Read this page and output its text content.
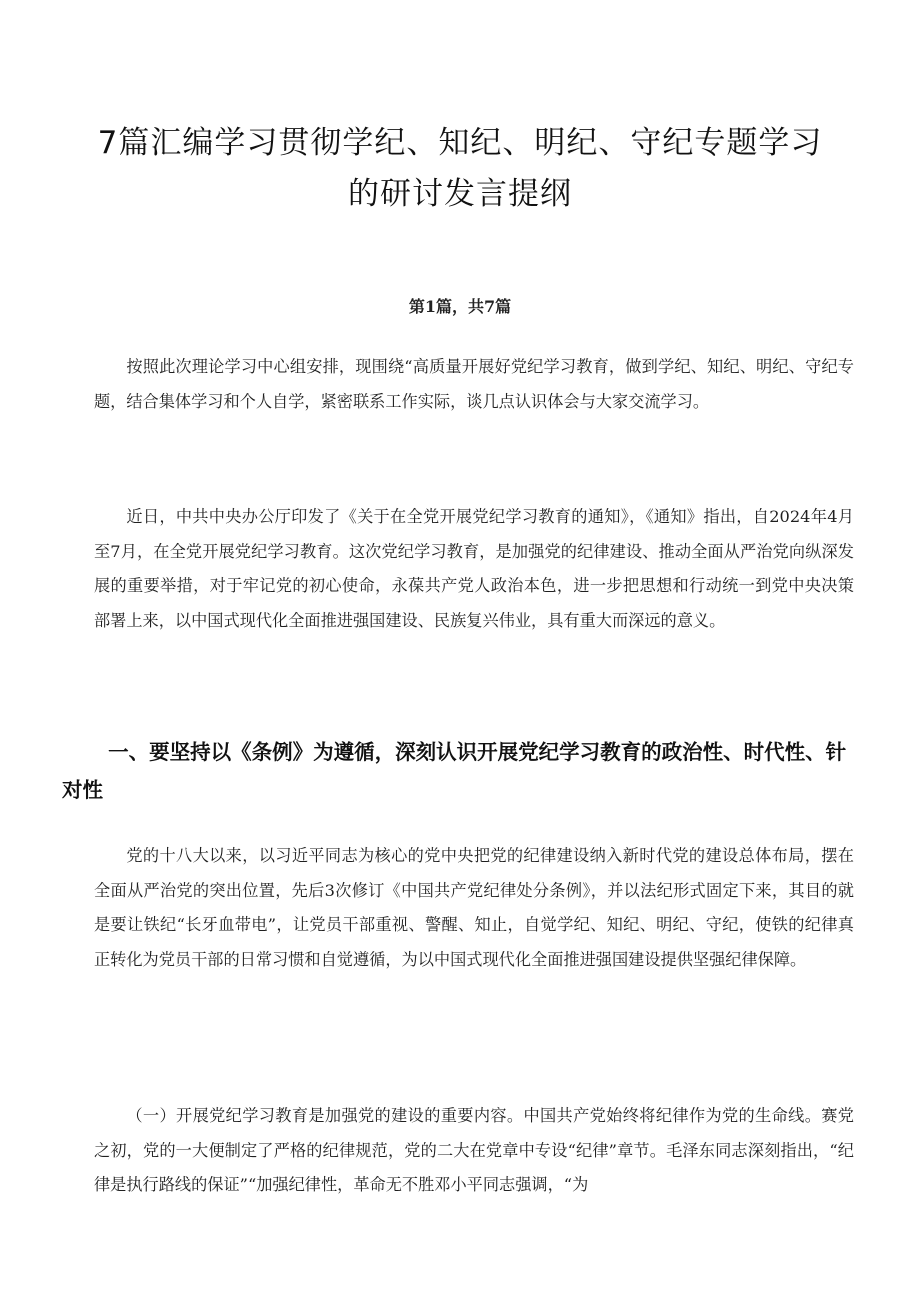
7篇汇编学习贯彻学纪、知纪、明纪、守纪专题学习
的研讨发言提纲
第1篇，共7篇

按照此次理论学习中心组安排，现围绕“高质量开展好党纪学习教育，做到学纪、知纪、明纪、守纪专题，结合集体学习和个人自学，紧密联系工作实际，谈几点认识体会与大家交流学习。

近日，中共中央办公厅印发了《关于在全党开展党纪学习教育的通知》，《通知》指出，自2024年4月至7月，在全党开展党纪学习教育。这次党纪学习教育，是加强党的纪律建设、推动全面从严治党向纵深发展的重要举措，对于牢记党的初心使命，永葆共产党人政治本色，进一步把思想和行动统一到党中央决策部署上来，以中国式现代化全面推进强国建设、民族复兴伟业，具有重大而深远的意义。

一、要坚持以《条例》为遵循，深刻认识开展党纪学习教育的政治性、时代性、针对性

党的十八大以来，以习近平同志为核心的党中央把党的纪律建设纳入新时代党的建设总体布局，摆在全面从严治党的突出位置，先后3次修订《中国共产党纪律处分条例》，并以法纪形式固定下来，其目的就是要让铁纪“长牙血带电”，让党员干部重视、警醒、知止，自觉学纪、知纪、明纪、守纪，使铁的纪律真正转化为党员干部的日常习惯和自觉遵循，为以中国式现代化全面推进强国建设提供坚强纪律保障。

（一）开展党纪学习教育是加强党的建设的重要内容。中国共产党始终将纪律作为党的生命线。赛党之初，党的一大便制定了严格的纪律规范，党的二大在党章中专设“纪律”章节。毛泽东同志深刻指出，“纪律是执行路线的保证”“加强纪律性，革命无不胜邓小平同志强调，“为
